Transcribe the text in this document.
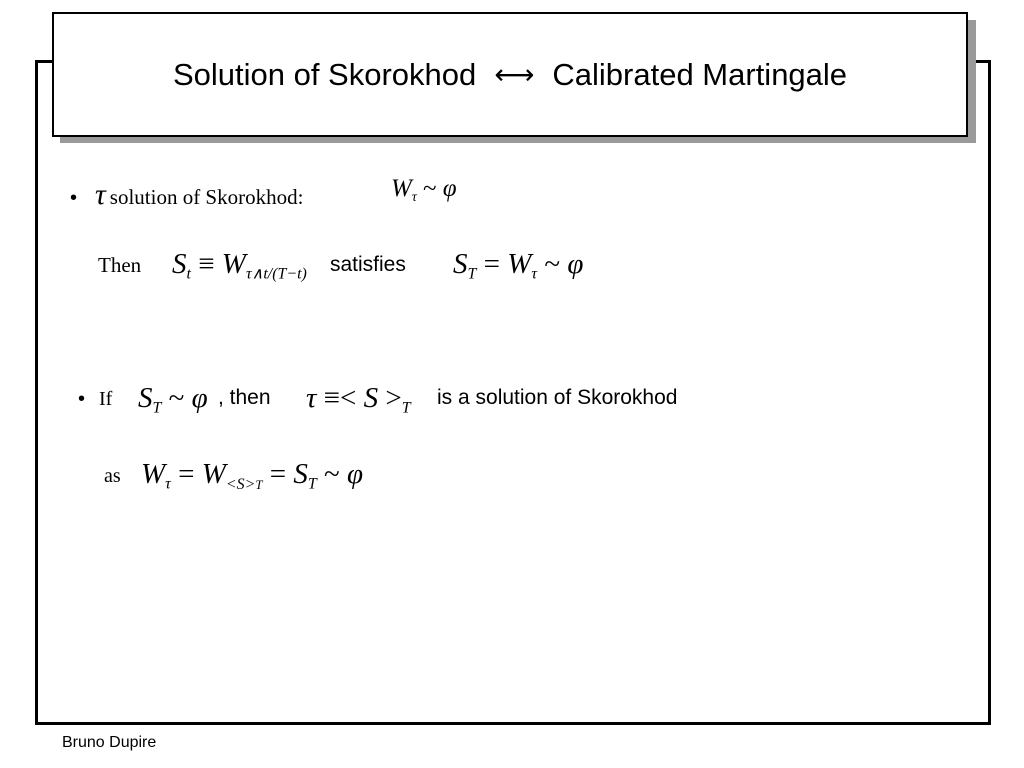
Solution of Skorokhod ⟷ Calibrated Martingale
• τ solution of Skorokhod:	$W_\tau$ ~ φ
Then $S_t \equiv W_{\tau\wedge t/(T-t)}$ satisfies $S_T = W_\tau$ ~ φ
• If $S_T$ ~ φ , then $\tau \equiv< S >_T$ is a solution of Skorokhod
as $W_\tau = W_{<S>T} = S_T$ ~ φ
Bruno Dupire
